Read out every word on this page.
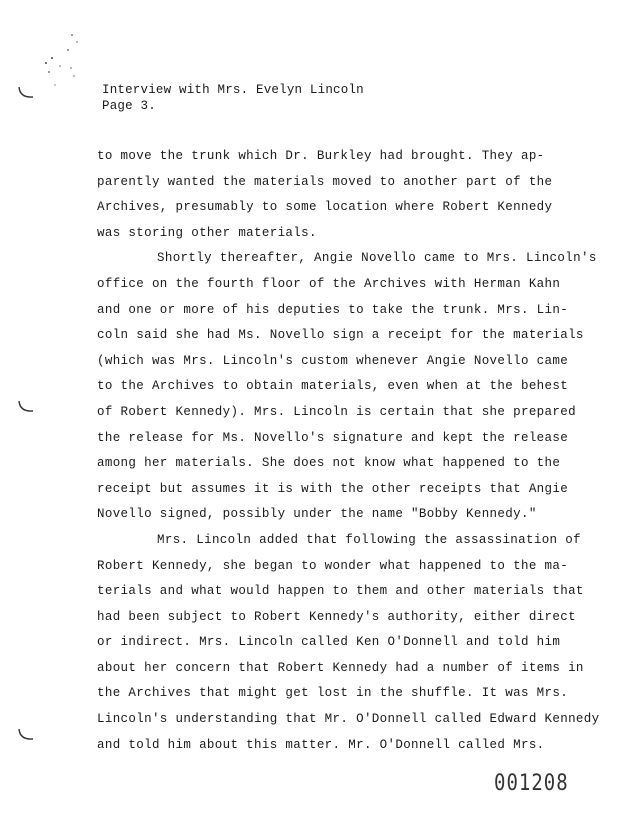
Interview with Mrs. Evelyn Lincoln
Page 3.
to move the trunk which Dr. Burkley had brought. They ap-
parently wanted the materials moved to another part of the
Archives, presumably to some location where Robert Kennedy
was storing other materials.
Shortly thereafter, Angie Novello came to Mrs. Lincoln's
office on the fourth floor of the Archives with Herman Kahn
and one or more of his deputies to take the trunk. Mrs. Lin-
coln said she had Ms. Novello sign a receipt for the materials
(which was Mrs. Lincoln's custom whenever Angie Novello came
to the Archives to obtain materials, even when at the behest
of Robert Kennedy). Mrs. Lincoln is certain that she prepared
the release for Ms. Novello's signature and kept the release
among her materials. She does not know what happened to the
receipt but assumes it is with the other receipts that Angie
Novello signed, possibly under the name "Bobby Kennedy."
Mrs. Lincoln added that following the assassination of
Robert Kennedy, she began to wonder what happened to the ma-
terials and what would happen to them and other materials that
had been subject to Robert Kennedy's authority, either direct
or indirect. Mrs. Lincoln called Ken O'Donnell and told him
about her concern that Robert Kennedy had a number of items in
the Archives that might get lost in the shuffle. It was Mrs.
Lincoln's understanding that Mr. O'Donnell called Edward Kennedy
and told him about this matter. Mr. O'Donnell called Mrs.
001208
